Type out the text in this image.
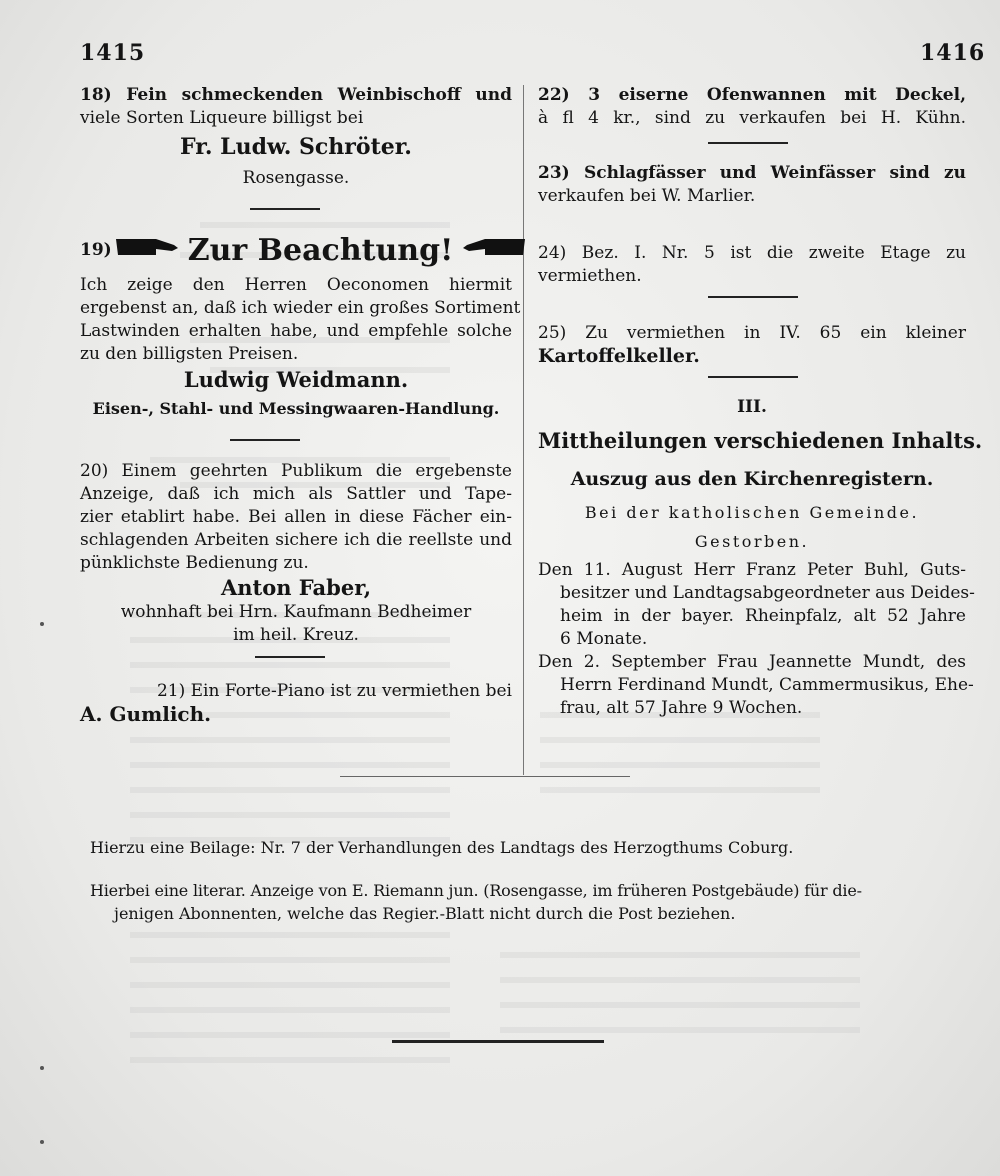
1415	1416
18) Fein schmeckenden Weinbischoff und
viele Sorten Liqueure billigst bei
Fr. Ludw. Schröter.
Rosengasse.
19)	Zur Beachtung!
Ich zeige den Herren Oeconomen hiermit
ergebenst an, daß ich wieder ein großes Sortiment
Lastwinden erhalten habe, und empfehle solche
zu den billigsten Preisen.
Ludwig Weidmann.
Eisen-, Stahl- und Messingwaaren-Handlung.
20) Einem geehrten Publikum die ergebenste
Anzeige, daß ich mich als Sattler und Tape-
zier etablirt habe. Bei allen in diese Fächer ein-
schlagenden Arbeiten sichere ich die reellste und
pünklichste Bedienung zu.
Anton Faber,
wohnhaft bei Hrn. Kaufmann Bedheimer
im heil. Kreuz.
21) Ein Forte-Piano ist zu vermiethen bei
A. Gumlich.
22) 3 eiserne Ofenwannen mit Deckel,
à fl 4 kr., sind zu verkaufen bei H. Kühn.
23) Schlagfässer und Weinfässer sind zu
verkaufen bei W. Marlier.
24) Bez. I. Nr. 5 ist die zweite Etage zu
vermiethen.
25) Zu vermiethen in IV. 65 ein kleiner
Kartoffelkeller.
III.
Mittheilungen verschiedenen Inhalts.
Auszug aus den Kirchenregistern.
Bei der katholischen Gemeinde.
Gestorben.
Den 11. August Herr Franz Peter Buhl, Guts-
besitzer und Landtagsabgeordneter aus Deides-
heim in der bayer. Rheinpfalz, alt 52 Jahre
6 Monate.
Den 2. September Frau Jeannette Mundt, des
Herrn Ferdinand Mundt, Cammermusikus, Ehe-
frau, alt 57 Jahre 9 Wochen.
Hierzu eine Beilage: Nr. 7 der Verhandlungen des Landtags des Herzogthums Coburg.
Hierbei eine literar. Anzeige von E. Riemann jun. (Rosengasse, im früheren Postgebäude) für die-
jenigen Abonnenten, welche das Regier.-Blatt nicht durch die Post beziehen.
